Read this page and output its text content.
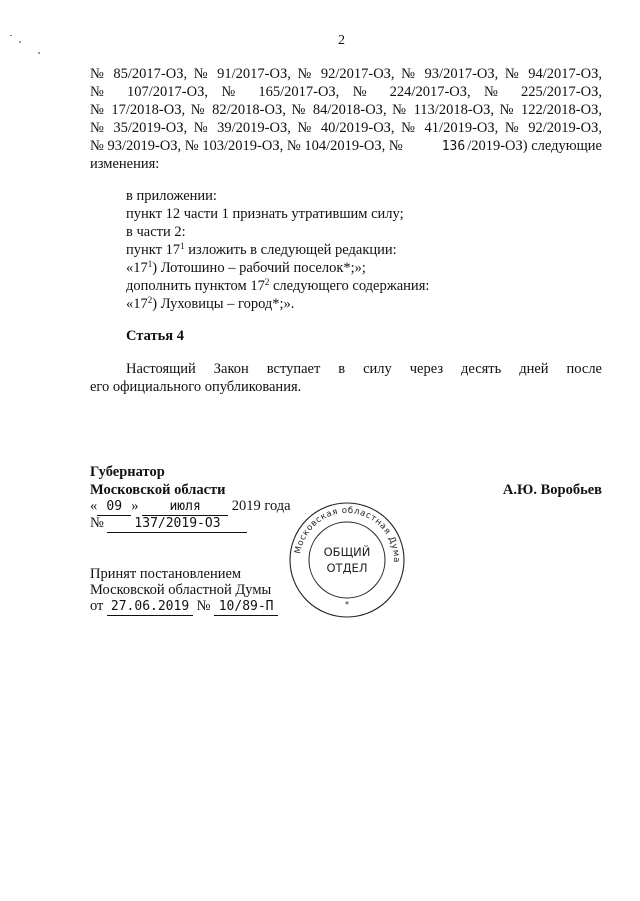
2
№ 85/2017-ОЗ, № 91/2017-ОЗ, № 92/2017-ОЗ, № 93/2017-ОЗ, № 94/2017-ОЗ,
№ 107/2017-ОЗ, № 165/2017-ОЗ, № 224/2017-ОЗ, № 225/2017-ОЗ,
№ 17/2018-ОЗ, № 82/2018-ОЗ, № 84/2018-ОЗ, № 113/2018-ОЗ, № 122/2018-ОЗ,
№ 35/2019-ОЗ, № 39/2019-ОЗ, № 40/2019-ОЗ, № 41/2019-ОЗ, № 92/2019-ОЗ,
№ 93/2019-ОЗ, № 103/2019-ОЗ, № 104/2019-ОЗ, №	136 /2019-ОЗ) следующие
изменения:
в приложении:
пункт 12 части 1 признать утратившим силу;
в части 2:
пункт $17^1$ изложить в следующей редакции:
«$17^1$) Лотошино – рабочий поселок*;»;
дополнить пунктом $17^2$ следующего содержания:
«$17^2$) Луховицы – город*;».
Статья 4
Настоящий Закон вступает в силу через десять дней после
его официального опубликования.
Губернатор
Московской области	А.Ю. Воробьев
« 09 » июля 2019 года
№ 137/2019-ОЗ
Принят постановлением
Московской областной Думы
от 27.06.2019 № 10/89-П
Московская областная Дума
ОБЩИЙ
ОТДЕЛ
*
